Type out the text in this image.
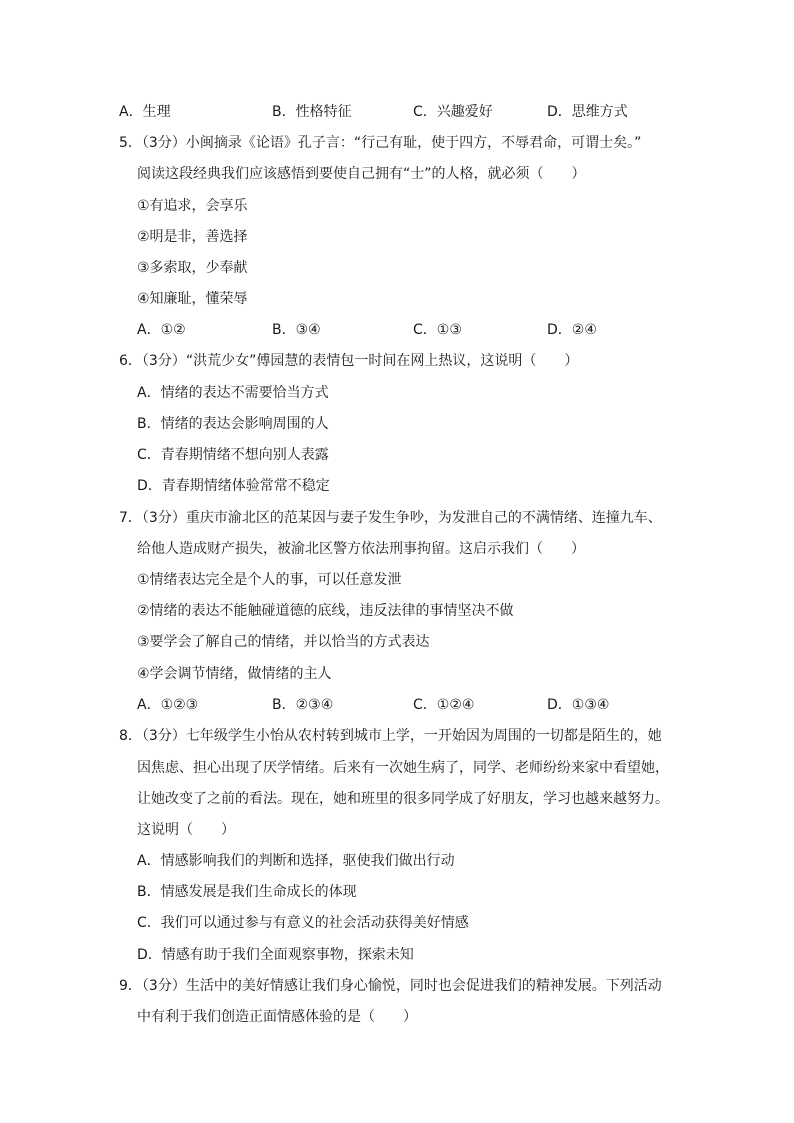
A．生理	B．性格特征	C．兴趣爱好	D．思维方式
5．（3分）小闽摘录《论语》孔子言：“行己有耻，使于四方，不辱君命，可谓士矣。”
阅读这段经典我们应该感悟到要使自己拥有“士”的人格，就必须（　　）
①有追求，会享乐
②明是非，善选择
③多索取，少奉献
④知廉耻，懂荣辱
A．①②	B．③④	C．①③	D．②④
6．（3分）“洪荒少女”傅园慧的表情包一时间在网上热议，这说明（　　）
A．情绪的表达不需要恰当方式
B．情绪的表达会影响周围的人
C．青春期情绪不想向别人表露
D．青春期情绪体验常常不稳定
7．（3分）重庆市渝北区的范某因与妻子发生争吵，为发泄自己的不满情绪、连撞九车、
给他人造成财产损失，被渝北区警方依法刑事拘留。这启示我们（　　）
①情绪表达完全是个人的事，可以任意发泄
②情绪的表达不能触碰道德的底线，违反法律的事情坚决不做
③要学会了解自己的情绪，并以恰当的方式表达
④学会调节情绪，做情绪的主人
A．①②③	B．②③④	C．①②④	D．①③④
8．（3分）七年级学生小怡从农村转到城市上学，一开始因为周围的一切都是陌生的，她
因焦虑、担心出现了厌学情绪。后来有一次她生病了，同学、老师纷纷来家中看望她，
让她改变了之前的看法。现在，她和班里的很多同学成了好朋友，学习也越来越努力。
这说明（　　）
A．情感影响我们的判断和选择，驱使我们做出行动
B．情感发展是我们生命成长的体现
C．我们可以通过参与有意义的社会活动获得美好情感
D．情感有助于我们全面观察事物，探索未知
9．（3分）生活中的美好情感让我们身心愉悦，同时也会促进我们的精神发展。下列活动
中有利于我们创造正面情感体验的是（　　）
